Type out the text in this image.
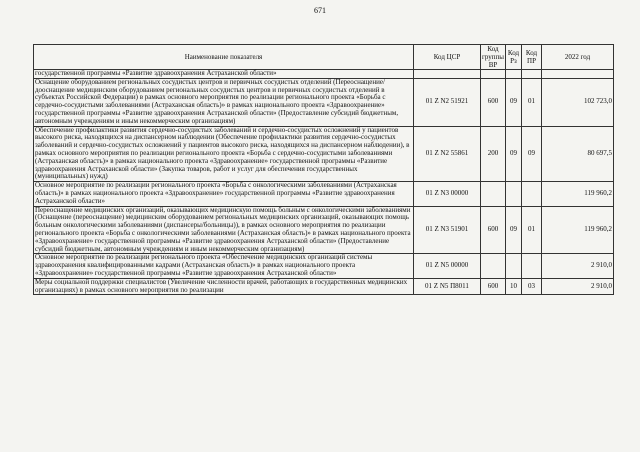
671
Наименование показателя	Код ЦСР	Код группы ВР	Код Рз	Код ПР	2022 год
государственной программы «Развитие здравоохранения Астраханской области»					
Оснащение оборудованием региональных сосудистых центров и первичных сосудистых отделений (Переоснащение/дооснащение медицинским оборудованием региональных сосудистых центров и первичных сосудистых отделений в субъектах Российской Федерации) в рамках основного мероприятия по реализации регионального проекта «Борьба с сердечно-сосудистыми заболеваниями (Астраханская область)» в рамках национального проекта «Здравоохранение» государственной программы «Развитие здравоохранения Астраханской области» (Предоставление субсидий бюджетным, автономным учреждениям и иным некоммерческим организациям)	01 Z N2 51921	600	09	01	102 723,0
Обеспечение профилактики развития сердечно-сосудистых заболеваний и сердечно-сосудистых осложнений у пациентов высокого риска, находящихся на диспансерном наблюдении (Обеспечение профилактики развития сердечно-сосудистых заболеваний и сердечно-сосудистых осложнений у пациентов высокого риска, находящихся на диспансерном наблюдении), в рамках основного мероприятия по реализации регионального проекта «Борьба с сердечно-сосудистыми заболеваниями (Астраханская область)» в рамках национального проекта «Здравоохранение» государственной программы «Развитие здравоохранения Астраханской области» (Закупка товаров, работ и услуг для обеспечения государственных (муниципальных) нужд)	01 Z N2 55861	200	09	09	80 697,5
Основное мероприятие по реализации регионального проекта «Борьба с онкологическими заболеваниями (Астраханская область)» в рамках национального проекта «Здравоохранение» государственной программы «Развитие здравоохранения Астраханской области»	01 Z N3 00000				119 960,2
Переоснащение медицинских организаций, оказывающих медицинскую помощь больным с онкологическими заболеваниями (Оснащение (переоснащение) медицинским оборудованием региональных медицинских организаций, оказывающих помощь больным онкологическими заболеваниями (диспансеры/больницы)), в рамках основного мероприятия по реализации регионального проекта «Борьба с онкологическими заболеваниями (Астраханская область)» в рамках национального проекта «Здравоохранение» государственной программы «Развитие здравоохранения Астраханской области» (Предоставление субсидий бюджетным, автономным учреждениям и иным некоммерческим организациям)	01 Z N3 51901	600	09	01	119 960,2
Основное мероприятие по реализации регионального проекта «Обеспечение медицинских организаций системы здравоохранения квалифицированными кадрами (Астраханская область)» в рамках национального проекта «Здравоохранение» государственной программы «Развитие здравоохранения Астраханской области»	01 Z N5 00000				2 910,0
Меры социальной поддержки специалистов (Увеличение численности врачей, работающих в государственных медицинских организациях) в рамках основного мероприятия по реализации	01 Z N5 П8011	600	10	03	2 910,0
